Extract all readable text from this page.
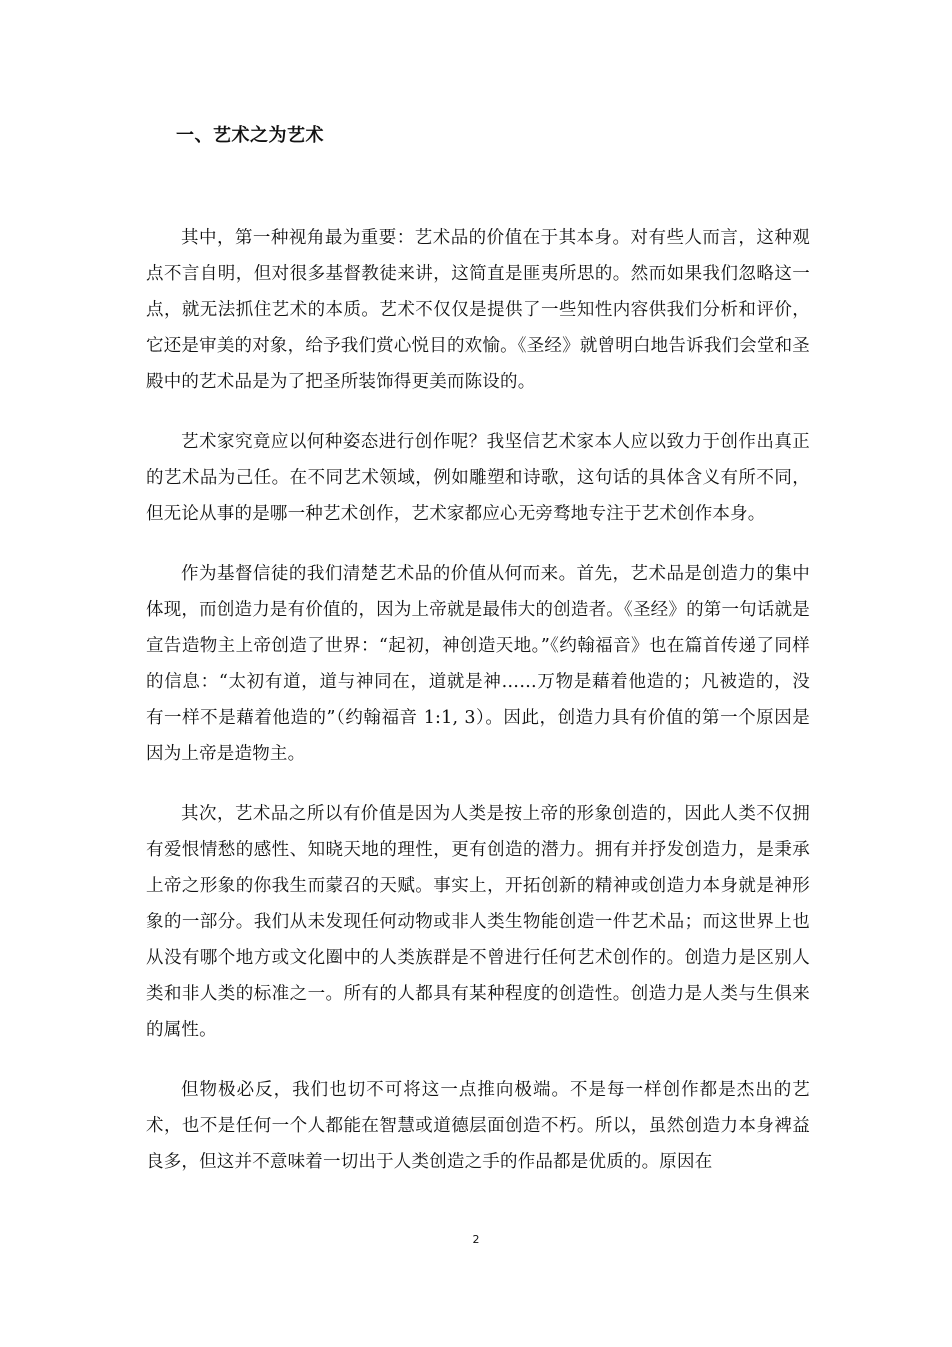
一、艺术之为艺术

其中，第一种视角最为重要：艺术品的价值在于其本身。对有些人而言，这种观点不言自明，但对很多基督教徒来讲，这简直是匪夷所思的。然而如果我们忽略这一点，就无法抓住艺术的本质。艺术不仅仅是提供了一些知性内容供我们分析和评价，它还是审美的对象，给予我们赏心悦目的欢愉。《圣经》就曾明白地告诉我们会堂和圣殿中的艺术品是为了把圣所装饰得更美而陈设的。

艺术家究竟应以何种姿态进行创作呢？我坚信艺术家本人应以致力于创作出真正的艺术品为己任。在不同艺术领域，例如雕塑和诗歌，这句话的具体含义有所不同，但无论从事的是哪一种艺术创作，艺术家都应心无旁骛地专注于艺术创作本身。

作为基督信徒的我们清楚艺术品的价值从何而来。首先，艺术品是创造力的集中体现，而创造力是有价值的，因为上帝就是最伟大的创造者。《圣经》的第一句话就是宣告造物主上帝创造了世界：“起初，神创造天地。”《约翰福音》也在篇首传递了同样的信息：“太初有道，道与神同在，道就是神……万物是藉着他造的；凡被造的，没有一样不是藉着他造的”（约翰福音 1:1, 3）。因此，创造力具有价值的第一个原因是因为上帝是造物主。

其次，艺术品之所以有价值是因为人类是按上帝的形象创造的，因此人类不仅拥有爱恨情愁的感性、知晓天地的理性，更有创造的潜力。拥有并抒发创造力，是秉承上帝之形象的你我生而蒙召的天赋。事实上，开拓创新的精神或创造力本身就是神形象的一部分。我们从未发现任何动物或非人类生物能创造一件艺术品；而这世界上也从没有哪个地方或文化圈中的人类族群是不曾进行任何艺术创作的。创造力是区别人类和非人类的标准之一。所有的人都具有某种程度的创造性。创造力是人类与生俱来的属性。

但物极必反，我们也切不可将这一点推向极端。不是每一样创作都是杰出的艺术，也不是任何一个人都能在智慧或道德层面创造不朽。所以，虽然创造力本身裨益良多，但这并不意味着一切出于人类创造之手的作品都是优质的。原因在

2
